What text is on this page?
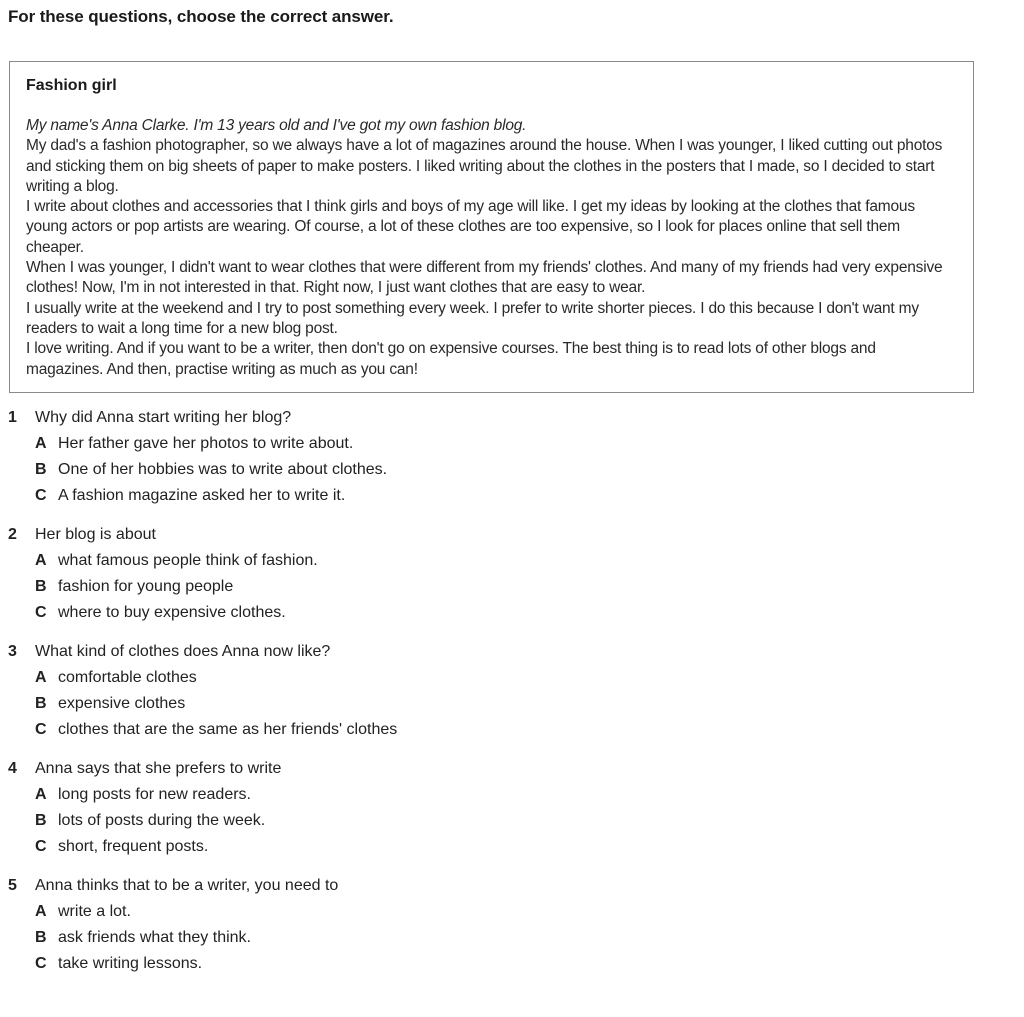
For these questions, choose the correct answer.
Fashion girl

My name's Anna Clarke. I'm 13 years old and I've got my own fashion blog.

My dad's a fashion photographer, so we always have a lot of magazines around the house. When I was younger, I liked cutting out photos and sticking them on big sheets of paper to make posters. I liked writing about the clothes in the posters that I made, so I decided to start writing a blog.

I write about clothes and accessories that I think girls and boys of my age will like. I get my ideas by looking at the clothes that famous young actors or pop artists are wearing. Of course, a lot of these clothes are too expensive, so I look for places online that sell them cheaper.

When I was younger, I didn't want to wear clothes that were different from my friends' clothes. And many of my friends had very expensive clothes! Now, I'm in not interested in that. Right now, I just want clothes that are easy to wear.

I usually write at the weekend and I try to post something every week. I prefer to write shorter pieces. I do this because I don't want my readers to wait a long time for a new blog post.

I love writing. And if you want to be a writer, then don't go on expensive courses. The best thing is to read lots of other blogs and magazines. And then, practise writing as much as you can!

1	Why did Anna start writing her blog?
A Her father gave her photos to write about.
B One of her hobbies was to write about clothes.
C A fashion magazine asked her to write it.
2	Her blog is about
A what famous people think of fashion.
B fashion for young people
C where to buy expensive clothes.
3	What kind of clothes does Anna now like?
A comfortable clothes
B expensive clothes
C clothes that are the same as her friends' clothes
4	Anna says that she prefers to write
A long posts for new readers.
B lots of posts during the week.
C short, frequent posts.
5	Anna thinks that to be a writer, you need to
A write a lot.
B ask friends what they think.
C take writing lessons.
